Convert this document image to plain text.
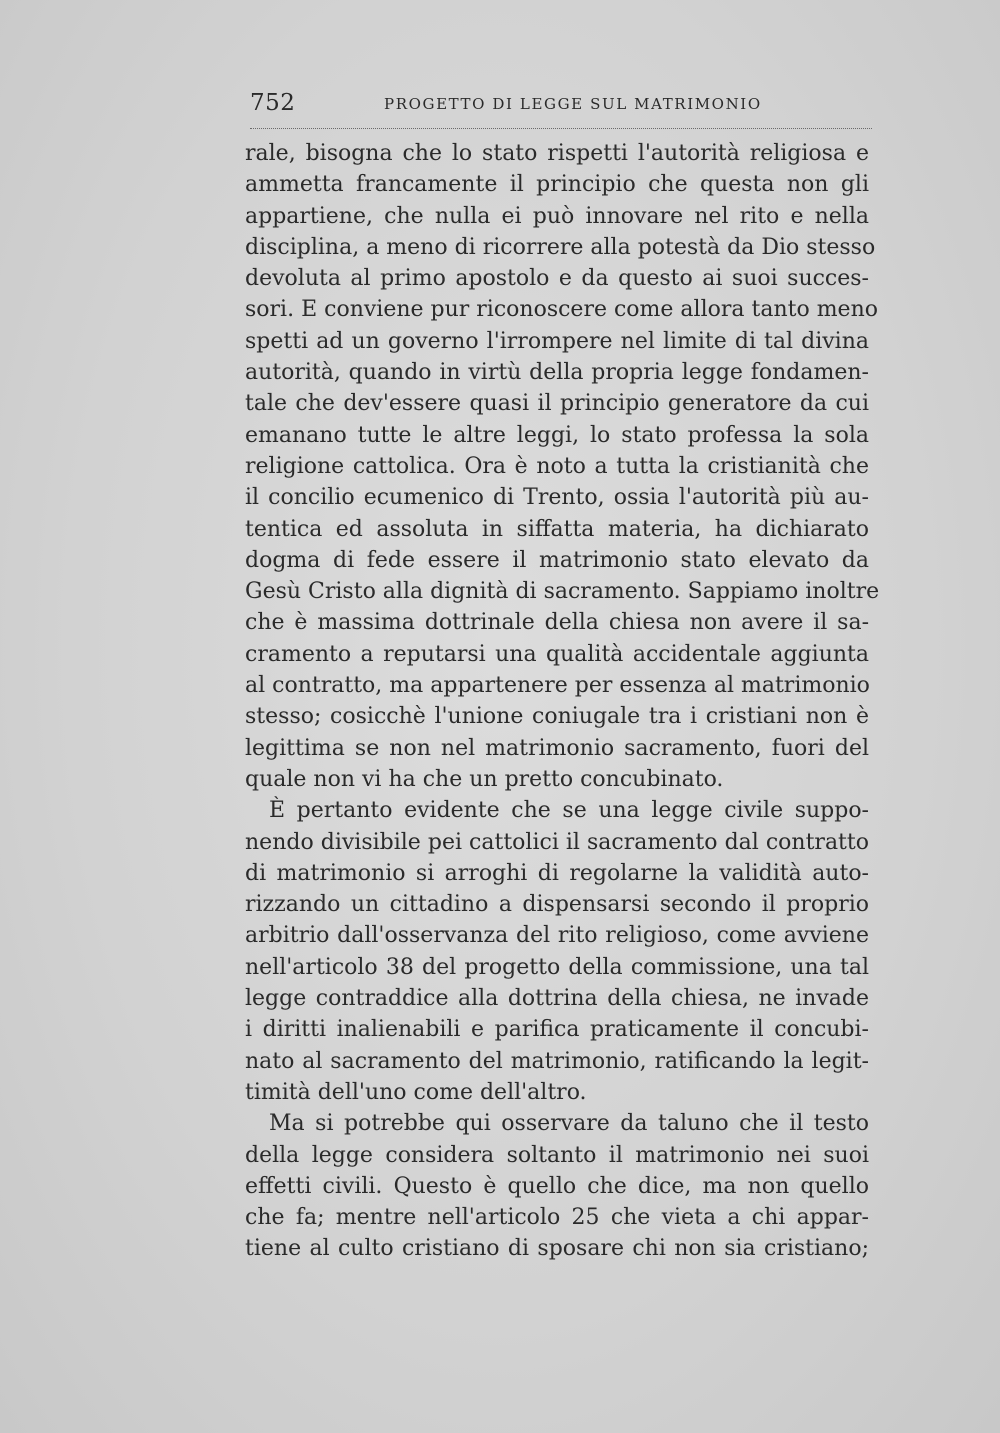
752	PROGETTO DI LEGGE SUL MATRIMONIO
rale, bisogna che lo stato rispetti l'autorità religiosa e
ammetta francamente il principio che questa non gli
appartiene, che nulla ei può innovare nel rito e nella
disciplina, a meno di ricorrere alla potestà da Dio stesso
devoluta al primo apostolo e da questo ai suoi succes-
sori. E conviene pur riconoscere come allora tanto meno
spetti ad un governo l'irrompere nel limite di tal divina
autorità, quando in virtù della propria legge fondamen-
tale che dev'essere quasi il principio generatore da cui
emanano tutte le altre leggi, lo stato professa la sola
religione cattolica. Ora è noto a tutta la cristianità che
il concilio ecumenico di Trento, ossia l'autorità più au-
tentica ed assoluta in siffatta materia, ha dichiarato
dogma di fede essere il matrimonio stato elevato da
Gesù Cristo alla dignità di sacramento. Sappiamo inoltre
che è massima dottrinale della chiesa non avere il sa-
cramento a reputarsi una qualità accidentale aggiunta
al contratto, ma appartenere per essenza al matrimonio
stesso; cosicchè l'unione coniugale tra i cristiani non è
legittima se non nel matrimonio sacramento, fuori del
quale non vi ha che un pretto concubinato.
È pertanto evidente che se una legge civile suppo-
nendo divisibile pei cattolici il sacramento dal contratto
di matrimonio si arroghi di regolarne la validità auto-
rizzando un cittadino a dispensarsi secondo il proprio
arbitrio dall'osservanza del rito religioso, come avviene
nell'articolo 38 del progetto della commissione, una tal
legge contraddice alla dottrina della chiesa, ne invade
i diritti inalienabili e parifica praticamente il concubi-
nato al sacramento del matrimonio, ratificando la legit-
timità dell'uno come dell'altro.
Ma si potrebbe qui osservare da taluno che il testo
della legge considera soltanto il matrimonio nei suoi
effetti civili. Questo è quello che dice, ma non quello
che fa; mentre nell'articolo 25 che vieta a chi appar-
tiene al culto cristiano di sposare chi non sia cristiano;
